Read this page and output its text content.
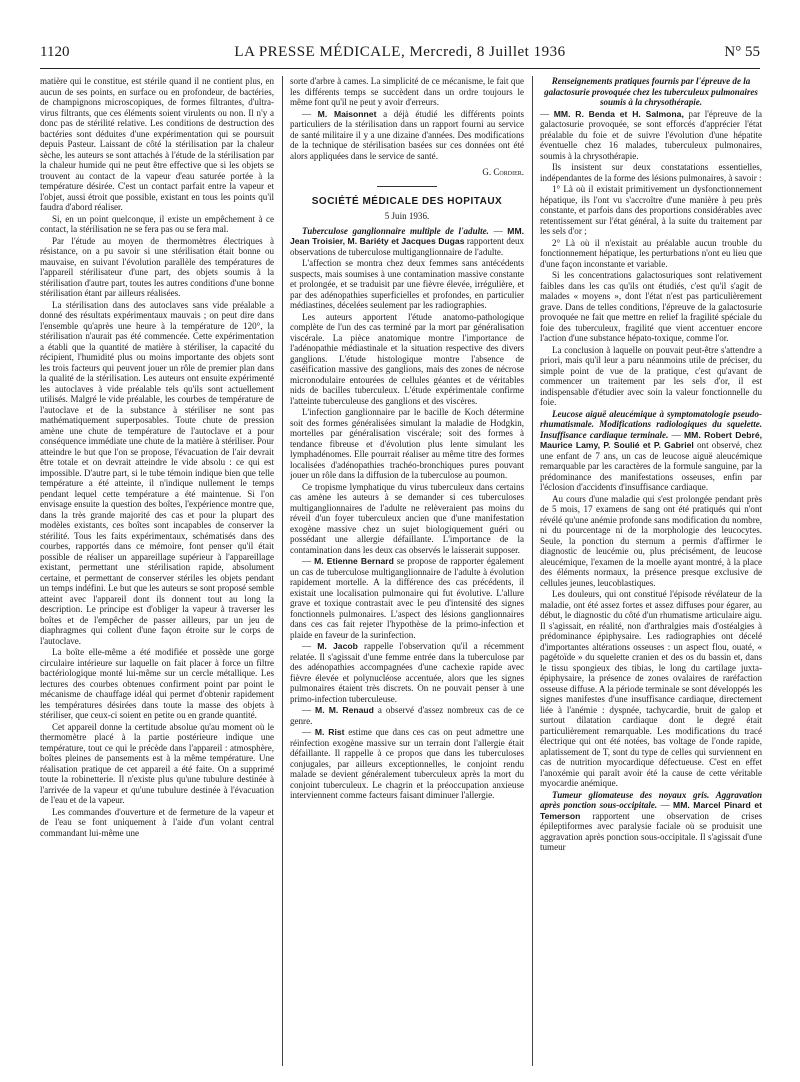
1120	LA PRESSE MÉDICALE, Mercredi, 8 Juillet 1936	N° 55

matière qui le constitue, est stérile quand il ne contient plus, en aucun de ses points, en surface ou en profondeur, de bactéries, de champignons microscopiques, de formes filtrantes, d'ultra-virus filtrants, que ces éléments soient virulents ou non. Il n'y a donc pas de stérilité relative. Les conditions de destruction des bactéries sont déduites d'une expérimentation qui se poursuit depuis Pasteur. Laissant de côté la stérilisation par la chaleur sèche, les auteurs se sont attachés à l'étude de la stérilisation par la chaleur humide qui ne peut être effective que si les objets se trouvent au contact de la vapeur d'eau saturée portée à la température désirée. C'est un contact parfait entre la vapeur et l'objet, aussi étroit que possible, existant en tous les points qu'il faudra d'abord réaliser.

Si, en un point quelconque, il existe un empêchement à ce contact, la stérilisation ne se fera pas ou se fera mal.

Par l'étude au moyen de thermomètres électriques à résistance, on a pu savoir si une stérilisation était bonne ou mauvaise, en suivant l'évolution parallèle des températures de l'appareil stérilisateur d'une part, des objets soumis à la stérilisation d'autre part, toutes les autres conditions d'une bonne stérilisation étant par ailleurs réalisées.

La stérilisation dans des autoclaves sans vide préalable a donné des résultats expérimentaux mauvais ; on peut dire dans l'ensemble qu'après une heure à la température de 120°, la stérilisation n'aurait pas été commencée. Cette expérimentation a établi que la quantité de matière à stériliser, la capacité du récipient, l'humidité plus ou moins importante des objets sont les trois facteurs qui peuvent jouer un rôle de premier plan dans la qualité de la stérilisation. Les auteurs ont ensuite expérimenté les autoclaves à vide préalable tels qu'ils sont actuellement utilisés. Malgré le vide préalable, les courbes de température de l'autoclave et de la substance à stériliser ne sont pas mathématiquement superposables. Toute chute de pression amène une chute de température de l'autoclave et a pour conséquence immédiate une chute de la matière à stériliser. Pour atteindre le but que l'on se propose, l'évacuation de l'air devrait être totale et on devrait atteindre le vide absolu : ce qui est impossible. D'autre part, si le tube témoin indique bien que telle température a été atteinte, il n'indique nullement le temps pendant lequel cette température a été maintenue. Si l'on envisage ensuite la question des boîtes, l'expérience montre que, dans la très grande majorité des cas et pour la plupart des modèles existants, ces boîtes sont incapables de conserver la stérilité. Tous les faits expérimentaux, schématisés dans des courbes, rapportés dans ce mémoire, font penser qu'il était possible de réaliser un appareillage supérieur à l'appareillage existant, permettant une stérilisation rapide, absolument certaine, et permettant de conserver stériles les objets pendant un temps indéfini. Le but que les auteurs se sont proposé semble atteint avec l'appareil dont ils donnent tout au long la description. Le principe est d'obliger la vapeur à traverser les boîtes et de l'empêcher de passer ailleurs, par un jeu de diaphragmes qui collent d'une façon étroite sur le corps de l'autoclave.

La boîte elle-même a été modifiée et possède une gorge circulaire intérieure sur laquelle on fait placer à force un filtre bactériologique monté lui-même sur un cercle métallique. Les lectures des courbes obtenues confirment point par point le mécanisme de chauffage idéal qui permet d'obtenir rapidement les températures désirées dans toute la masse des objets à stériliser, que ceux-ci soient en petite ou en grande quantité.

Cet appareil donne la certitude absolue qu'au moment où le thermomètre placé à la partie postérieure indique une température, tout ce qui le précède dans l'appareil : atmosphère, boîtes pleines de pansements est à la même température. Une réalisation pratique de cet appareil a été faite. On a supprimé toute la robinetterie. Il n'existe plus qu'une tubulure destinée à l'arrivée de la vapeur et qu'une tubulure destinée à l'évacuation de l'eau et de la vapeur.

Les commandes d'ouverture et de fermeture de la vapeur et de l'eau se font uniquement à l'aide d'un volant central commandant lui-même une

sorte d'arbre à cames. La simplicité de ce mécanisme, le fait que les différents temps se succèdent dans un ordre toujours le même font qu'il ne peut y avoir d'erreurs.

— M. Maisonnet a déjà étudié les différents points particuliers de la stérilisation dans un rapport fourni au service de santé militaire il y a une dizaine d'années. Des modifications de la technique de stérilisation basées sur ces données ont été alors appliquées dans le service de santé.

G. Cordier.

SOCIÉTÉ MÉDICALE DES HOPITAUX

5 Juin 1936.

Tuberculose ganglionnaire multiple de l'adulte. — MM. Jean Troisier, M. Bariéty et Jacques Dugas rapportent deux observations de tuberculose multiganglionnaire de l'adulte.

L'affection se montra chez deux femmes sans antécédents suspects, mais soumises à une contamination massive constante et prolongée, et se traduisit par une fièvre élevée, irrégulière, et par des adénopathies superficielles et profondes, en particulier médiastines, décelées seulement par les radiographies.

Les auteurs apportent l'étude anatomo-pathologique complète de l'un des cas terminé par la mort par généralisation viscérale. La pièce anatomique montre l'importance de l'adénopathie médiastinale et la situation respective des divers ganglions. L'étude histologique montre l'absence de caséification massive des ganglions, mais des zones de nécrose micronodulaire entourées de cellules géantes et de véritables nids de bacilles tuberculeux. L'étude expérimentale confirme l'atteinte tuberculeuse des ganglions et des viscères.

L'infection ganglionnaire par le bacille de Koch détermine soit des formes généralisées simulant la maladie de Hodgkin, mortelles par généralisation viscérale; soit des formes à tendance fibreuse et d'évolution plus lente simulant les lymphadénomes. Elle pourrait réaliser au même titre des formes localisées d'adénopathies trachéo-bronchiques pures pouvant jouer un rôle dans la diffusion de la tuberculose au poumon.

Ce tropisme lymphatique du virus tuberculeux dans certains cas amène les auteurs à se demander si ces tuberculoses multiganglionnaires de l'adulte ne relèveraient pas moins du réveil d'un foyer tuberculeux ancien que d'une manifestation exogène massive chez un sujet biologiquement guéri ou possédant une allergie défaillante. L'importance de la contamination dans les deux cas observés le laisserait supposer.

— M. Etienne Bernard se propose de rapporter également un cas de tuberculose multiganglionnaire de l'adulte à évolution rapidement mortelle. A la différence des cas précédents, il existait une localisation pulmonaire qui fut évolutive. L'allure grave et toxique contrastait avec le peu d'intensité des signes fonctionnels pulmonaires. L'aspect des lésions ganglionnaires dans ces cas fait rejeter l'hypothèse de la primo-infection et plaide en faveur de la surinfection.

— M. Jacob rappelle l'observation qu'il a récemment relatée. Il s'agissait d'une femme entrée dans la tuberculose par des adénopathies accompagnées d'une cachexie rapide avec fièvre élevée et polynucléose accentuée, alors que les signes pulmonaires étaient très discrets. On ne pouvait penser à une primo-infection tuberculeuse.

— M. M. Renaud a observé d'assez nombreux cas de ce genre.

— M. Rist estime que dans ces cas on peut admettre une réinfection exogène massive sur un terrain dont l'allergie était défaillante. Il rappelle à ce propos que dans les tuberculoses conjugales, par ailleurs exceptionnelles, le conjoint rendu malade se devient généralement tuberculeux après la mort du conjoint tuberculeux. Le chagrin et la préoccupation anxieuse interviennent comme facteurs faisant diminuer l'allergie.

Renseignements pratiques fournis par l'épreuve de la galactosurie provoquée chez les tuberculeux pulmonaires soumis à la chrysothérapie.

— MM. R. Benda et H. Salmona, par l'épreuve de la galactosurie provoquée, se sont efforcés d'apprécier l'état préalable du foie et de suivre l'évolution d'une hépatite éventuelle chez 16 malades, tuberculeux pulmonaires, soumis à la chrysothérapie.

Ils insistent sur deux constatations essentielles, indépendantes de la forme des lésions pulmonaires, à savoir :

1° Là où il existait primitivement un dysfonctionnement hépatique, ils l'ont vu s'accroître d'une manière à peu près constante, et parfois dans des proportions considérables avec retentissement sur l'état général, à la suite du traitement par les sels d'or ;

2° Là où il n'existait au préalable aucun trouble du fonctionnement hépatique, les perturbations n'ont eu lieu que d'une façon inconstante et variable.

Si les concentrations galactosuriques sont relativement faibles dans les cas qu'ils ont étudiés, c'est qu'il s'agit de malades « moyens », dont l'état n'est pas particulièrement grave. Dans de telles conditions, l'épreuve de la galactosurie provoquée ne fait que mettre en relief la fragilité spéciale du foie des tuberculeux, fragilité que vient accentuer encore l'action d'une substance hépato-toxique, comme l'or.

La conclusion à laquelle on pouvait peut-être s'attendre a priori, mais qu'il leur a paru néanmoins utile de préciser, du simple point de vue de la pratique, c'est qu'avant de commencer un traitement par les sels d'or, il est indispensable d'étudier avec soin la valeur fonctionnelle du foie.

Leucose aiguë aleucémique à symptomatologie pseudo-rhumatismale. Modifications radiologiques du squelette. Insuffisance cardiaque terminale. — MM. Robert Debré, Maurice Lamy, P. Soulié et P. Gabriel ont observé, chez une enfant de 7 ans, un cas de leucose aiguë aleucémique remarquable par les caractères de la formule sanguine, par la prédominance des manifestations osseuses, enfin par l'éclosion d'accidents d'insuffisance cardiaque.

Au cours d'une maladie qui s'est prolongée pendant près de 5 mois, 17 examens de sang ont été pratiqués qui n'ont révélé qu'une anémie profonde sans modification du nombre, ni du pourcentage ni de la morphologie des leucocytes. Seule, la ponction du sternum a permis d'affirmer le diagnostic de leucémie ou, plus précisément, de leucose aleucémique, l'examen de la moelle ayant montré, à la place des éléments normaux, la présence presque exclusive de cellules jeunes, leucoblastiques.

Les douleurs, qui ont constitué l'épisode révélateur de la maladie, ont été assez fortes et assez diffuses pour égarer, au début, le diagnostic du côté d'un rhumatisme articulaire aigu. Il s'agissait, en réalité, non d'arthralgies mais d'ostéalgies à prédominance épiphysaire. Les radiographies ont décelé d'importantes altérations osseuses : un aspect flou, ouaté, « pagétoïde » du squelette cranien et des os du bassin et, dans le tissu spongieux des tibias, le long du cartilage juxta-épiphysaire, la présence de zones ovalaires de raréfaction osseuse diffuse. A la période terminale se sont développés les signes manifestes d'une insuffisance cardiaque, directement liée à l'anémie : dyspnée, tachycardie, bruit de galop et surtout dilatation cardiaque dont le degré était particulièrement remarquable. Les modifications du tracé électrique qui ont été notées, bas voltage de l'onde rapide, aplatissement de T, sont du type de celles qui surviennent en cas de nutrition myocardique défectueuse. C'est en effet l'anoxémie qui paraît avoir été la cause de cette véritable myocardie anémique.

Tumeur gliomateuse des noyaux gris. Aggravation après ponction sous-occipitale. — MM. Marcel Pinard et Temerson rapportent une observation de crises épileptiformes avec paralysie faciale où se produisit une aggravation après ponction sous-occipitale. Il s'agissait d'une tumeur
